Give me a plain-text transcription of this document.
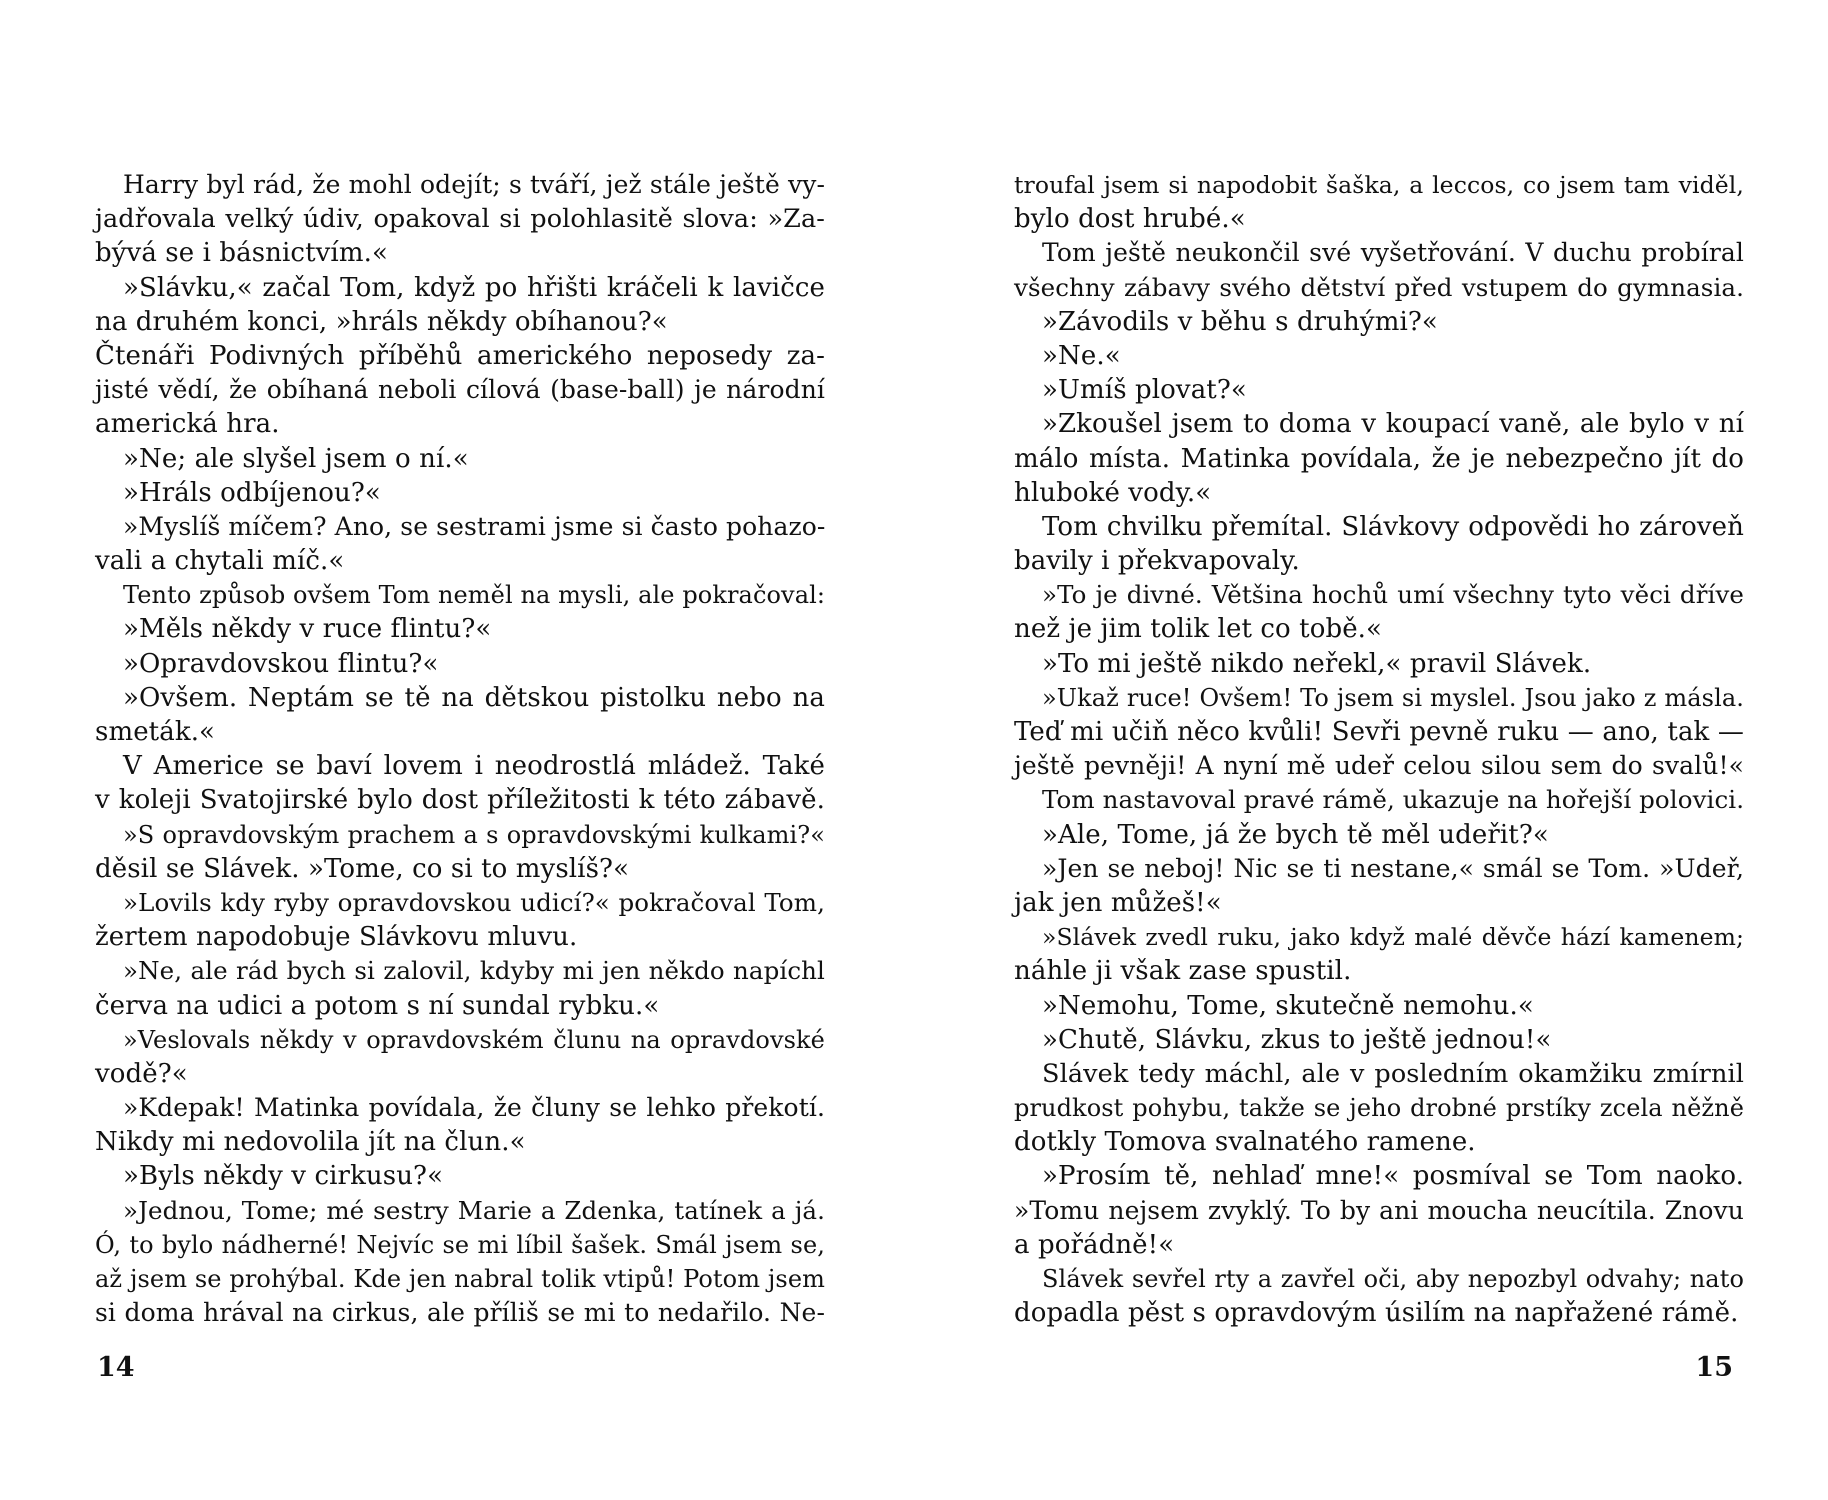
Harry byl rád, že mohl odejít; s tváří, jež stále ještě vy-
jadřovala velký údiv, opakoval si polohlasitě slova: »Za-
bývá se i básnictvím.«
»Slávku,« začal Tom, když po hřišti kráčeli k lavičce
na druhém konci, »hráls někdy obíhanou?«
Čtenáři Podivných příběhů amerického neposedy za-
jisté vědí, že obíhaná neboli cílová (base-ball) je národní
americká hra.
»Ne; ale slyšel jsem o ní.«
»Hráls odbíjenou?«
»Myslíš míčem? Ano, se sestrami jsme si často pohazo-
vali a chytali míč.«
Tento způsob ovšem Tom neměl na mysli, ale pokračoval:
»Měls někdy v ruce flintu?«
»Opravdovskou flintu?«
»Ovšem. Neptám se tě na dětskou pistolku nebo na
smeták.«
V Americe se baví lovem i neodrostlá mládež. Také
v koleji Svatojirské bylo dost příležitosti k této zábavě.
»S opravdovským prachem a s opravdovskými kulkami?«
děsil se Slávek. »Tome, co si to myslíš?«
»Lovils kdy ryby opravdovskou udicí?« pokračoval Tom,
žertem napodobuje Slávkovu mluvu.
»Ne, ale rád bych si zalovil, kdyby mi jen někdo napíchl
červa na udici a potom s ní sundal rybku.«
»Veslovals někdy v opravdovském člunu na opravdovské
vodě?«
»Kdepak! Matinka povídala, že čluny se lehko překotí.
Nikdy mi nedovolila jít na člun.«
»Byls někdy v cirkusu?«
»Jednou, Tome; mé sestry Marie a Zdenka, tatínek a já.
Ó, to bylo nádherné! Nejvíc se mi líbil šašek. Smál jsem se,
až jsem se prohýbal. Kde jen nabral tolik vtipů! Potom jsem
si doma hrával na cirkus, ale příliš se mi to nedařilo. Ne-
14
troufal jsem si napodobit šaška, a leccos, co jsem tam viděl,
bylo dost hrubé.«
Tom ještě neukončil své vyšetřování. V duchu probíral
všechny zábavy svého dětství před vstupem do gymnasia.
»Závodils v běhu s druhými?«
»Ne.«
»Umíš plovat?«
»Zkoušel jsem to doma v koupací vaně, ale bylo v ní
málo místa. Matinka povídala, že je nebezpečno jít do
hluboké vody.«
Tom chvilku přemítal. Slávkovy odpovědi ho zároveň
bavily i překvapovaly.
»To je divné. Většina hochů umí všechny tyto věci dříve
než je jim tolik let co tobě.«
»To mi ještě nikdo neřekl,« pravil Slávek.
»Ukaž ruce! Ovšem! To jsem si myslel. Jsou jako z másla.
Teď mi učiň něco kvůli! Sevři pevně ruku — ano, tak —
ještě pevněji! A nyní mě udeř celou silou sem do svalů!«
Tom nastavoval pravé rámě, ukazuje na hořejší polovici.
»Ale, Tome, já že bych tě měl udeřit?«
»Jen se neboj! Nic se ti nestane,« smál se Tom. »Udeř,
jak jen můžeš!«
»Slávek zvedl ruku, jako když malé děvče hází kamenem;
náhle ji však zase spustil.
»Nemohu, Tome, skutečně nemohu.«
»Chutě, Slávku, zkus to ještě jednou!«
Slávek tedy máchl, ale v posledním okamžiku zmírnil
prudkost pohybu, takže se jeho drobné prstíky zcela něžně
dotkly Tomova svalnatého ramene.
»Prosím tě, nehlaď mne!« posmíval se Tom naoko.
»Tomu nejsem zvyklý. To by ani moucha neucítila. Znovu
a pořádně!«
Slávek sevřel rty a zavřel oči, aby nepozbyl odvahy; nato
dopadla pěst s opravdovým úsilím na napřažené rámě.
15
